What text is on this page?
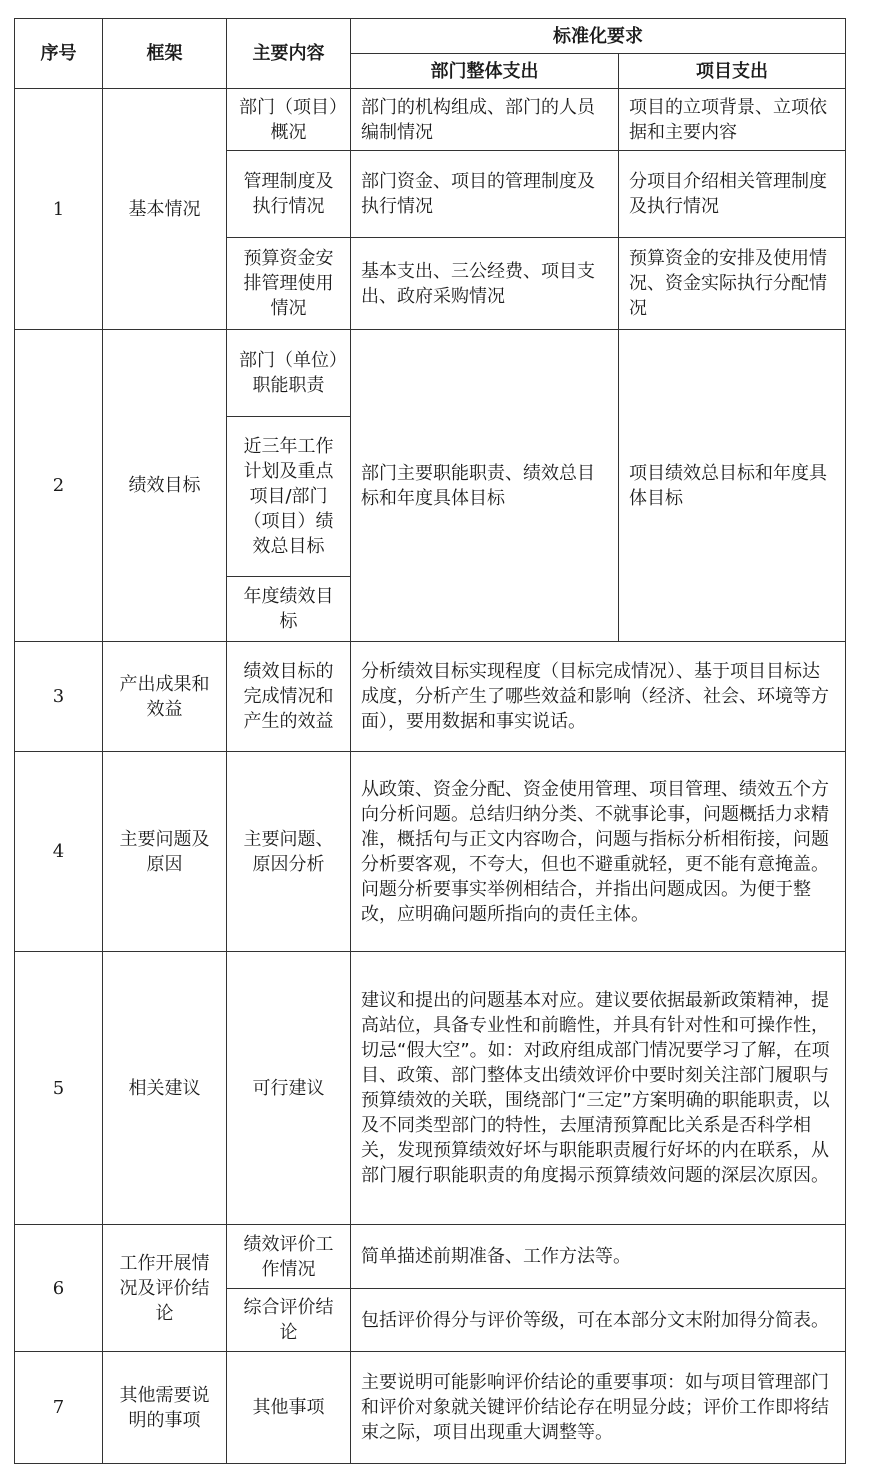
序号	框架	主要内容	标准化要求	
			部门整体支出	项目支出
1	基本情况	部门（项目）概况	部门的机构组成、部门的人员编制情况	项目的立项背景、立项依据和主要内容
		管理制度及执行情况	部门资金、项目的管理制度及执行情况	分项目介绍相关管理制度及执行情况
		预算资金安排管理使用情况	基本支出、三公经费、项目支出、政府采购情况	预算资金的安排及使用情况、资金实际执行分配情况
2	绩效目标	部门（单位）职能职责	部门主要职能职责、绩效总目标和年度具体目标	项目绩效总目标和年度具体目标
		近三年工作计划及重点项目/部门（项目）绩效总目标		
		年度绩效目标		
3	产出成果和效益	绩效目标的完成情况和产生的效益	分析绩效目标实现程度（目标完成情况）、基于项目目标达成度，分析产生了哪些效益和影响（经济、社会、环境等方面），要用数据和事实说话。	
4	主要问题及原因	主要问题、原因分析	从政策、资金分配、资金使用管理、项目管理、绩效五个方向分析问题。总结归纳分类、不就事论事，问题概括力求精准，概括句与正文内容吻合，问题与指标分析相衔接，问题分析要客观，不夸大，但也不避重就轻，更不能有意掩盖。问题分析要事实举例相结合，并指出问题成因。为便于整改，应明确问题所指向的责任主体。	
5	相关建议	可行建议	建议和提出的问题基本对应。建议要依据最新政策精神，提高站位，具备专业性和前瞻性，并具有针对性和可操作性，切忌“假大空”。如：对政府组成部门情况要学习了解，在项目、政策、部门整体支出绩效评价中要时刻关注部门履职与预算绩效的关联，围绕部门“三定”方案明确的职能职责，以及不同类型部门的特性，去厘清预算配比关系是否科学相关，发现预算绩效好坏与职能职责履行好坏的内在联系，从部门履行职能职责的角度揭示预算绩效问题的深层次原因。	
6	工作开展情况及评价结论	绩效评价工作情况	简单描述前期准备、工作方法等。	
		综合评价结论	包括评价得分与评价等级，可在本部分文末附加得分简表。	
7	其他需要说明的事项	其他事项	主要说明可能影响评价结论的重要事项：如与项目管理部门和评价对象就关键评价结论存在明显分歧；评价工作即将结束之际，项目出现重大调整等。	
